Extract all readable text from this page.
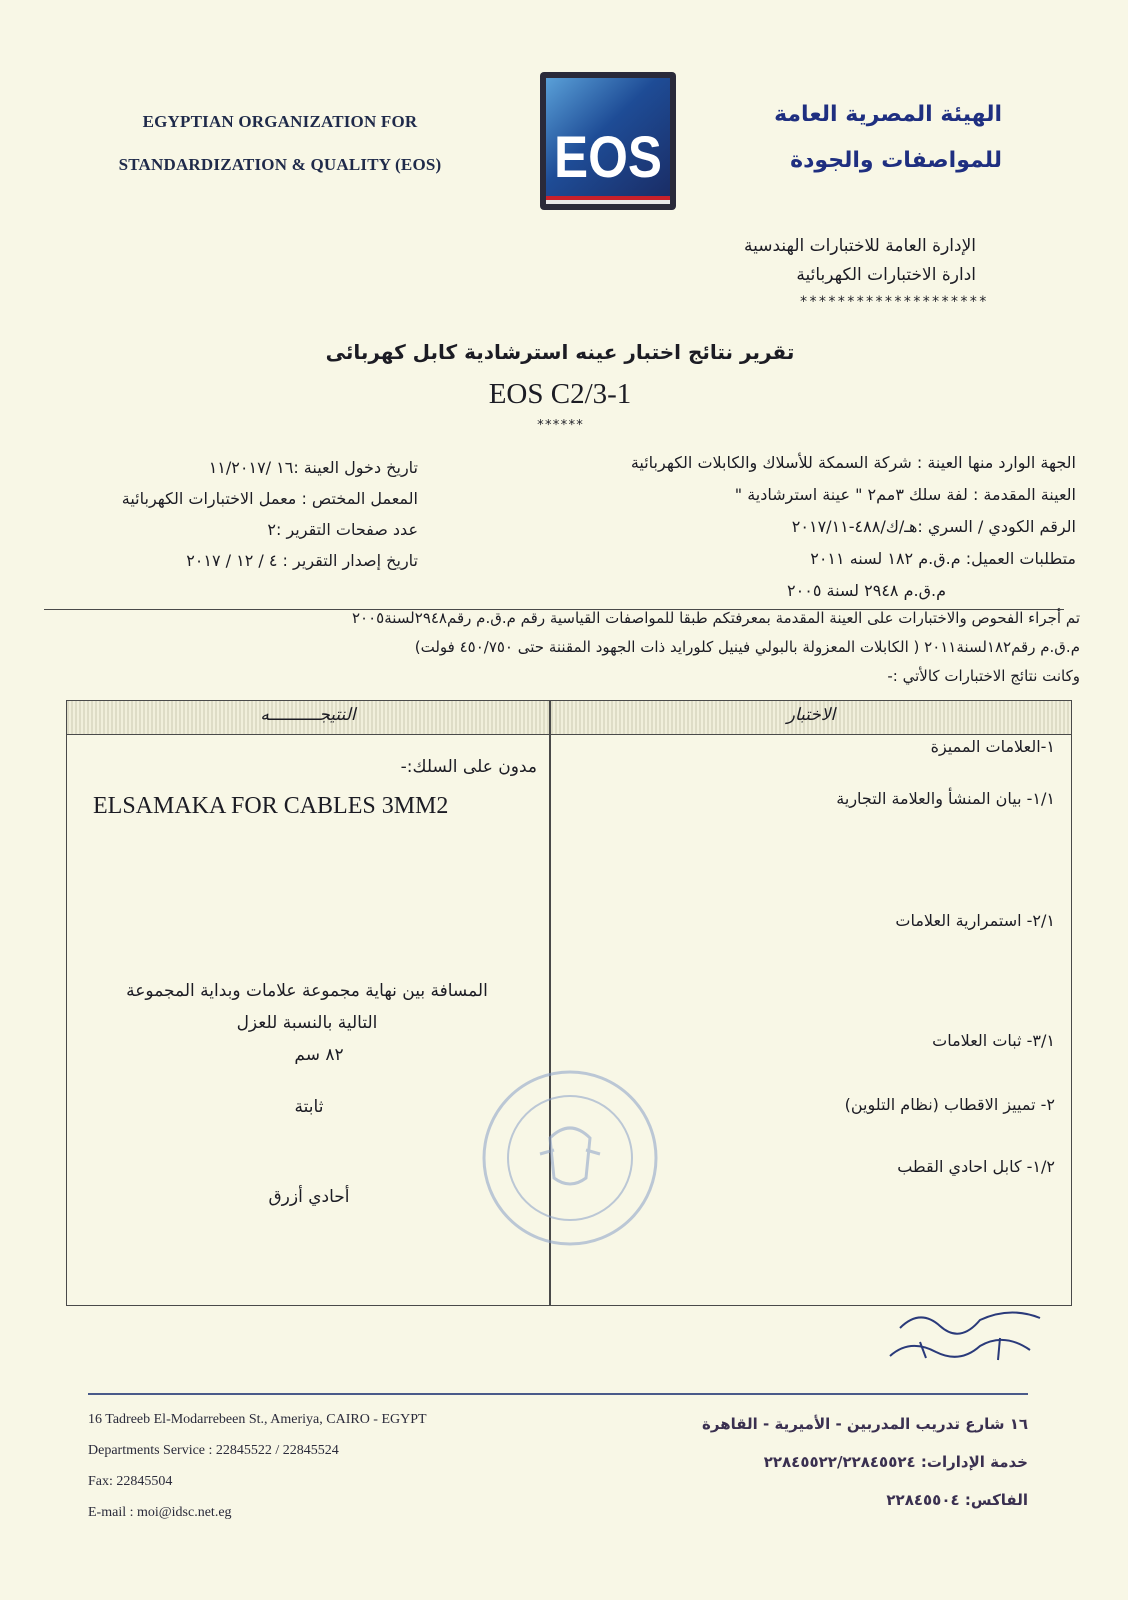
EGYPTIAN ORGANIZATION FOR
STANDARDIZATION & QUALITY (EOS)	EOS
الهيئة المصرية العامة
للمواصفات والجودة
الإدارة العامة للاختبارات الهندسية
ادارة الاختبارات الكهربائية
********************
تقرير نتائج اختبار عينه استرشادية كابل كهربائى
EOS C2/3-1
******
الجهة الوارد منها العينة : شركة السمكة للأسلاك والكابلات الكهربائية
العينة المقدمة : لفة سلك ٣مم٢ " عينة استرشادية "
الرقم الكودي / السري :هـ/ك/٤٨٨-٢٠١٧/١١
متطلبات العميل: م.ق.م ١٨٢ لسنه ٢٠١١
م.ق.م ٢٩٤٨ لسنة ٢٠٠٥
تاريخ دخول العينة :١٦ /١١/٢٠١٧
المعمل المختص : معمل الاختبارات الكهربائية
عدد صفحات التقرير :٢
تاريخ إصدار التقرير : ٤ / ١٢ / ٢٠١٧
تم أجراء الفحوص والاختبارات على العينة المقدمة بمعرفتكم طبقا للمواصفات القياسية رقم م.ق.م رقم٢٩٤٨لسنة٢٠٠٥
م.ق.م رقم١٨٢لسنة٢٠١١ ( الكابلات المعزولة بالبولي فينيل كلورايد ذات الجهود المقننة حتى ٤٥٠/٧٥٠ فولت)
وكانت نتائج الاختبارات كالأتي :-
النتيجــــــــــه	الاختبار
١-العلامات المميزة
١/١- بيان المنشأ والعلامة التجارية
٢/١- استمرارية العلامات
٣/١- ثبات العلامات
٢- تمييز الاقطاب (نظام التلوين)
١/٢- كابل احادي القطب
مدون على السلك:-
ELSAMAKA FOR CABLES 3MM2
المسافة بين نهاية مجموعة علامات وبداية المجموعة
التالية بالنسبة للعزل
٨٢ سم
ثابتة
أحادي أزرق
16 Tadreeb El-Modarrebeen St., Ameriya, CAIRO - EGYPT
Departments Service : 22845522 / 22845524
Fax: 22845504
E-mail : moi@idsc.net.eg
١٦ شارع تدريب المدربين - الأميرية - القاهرة
خدمة الإدارات: ٢٢٨٤٥٥٢٢/٢٢٨٤٥٥٢٤
الفاكس: ٢٢٨٤٥٥٠٤
